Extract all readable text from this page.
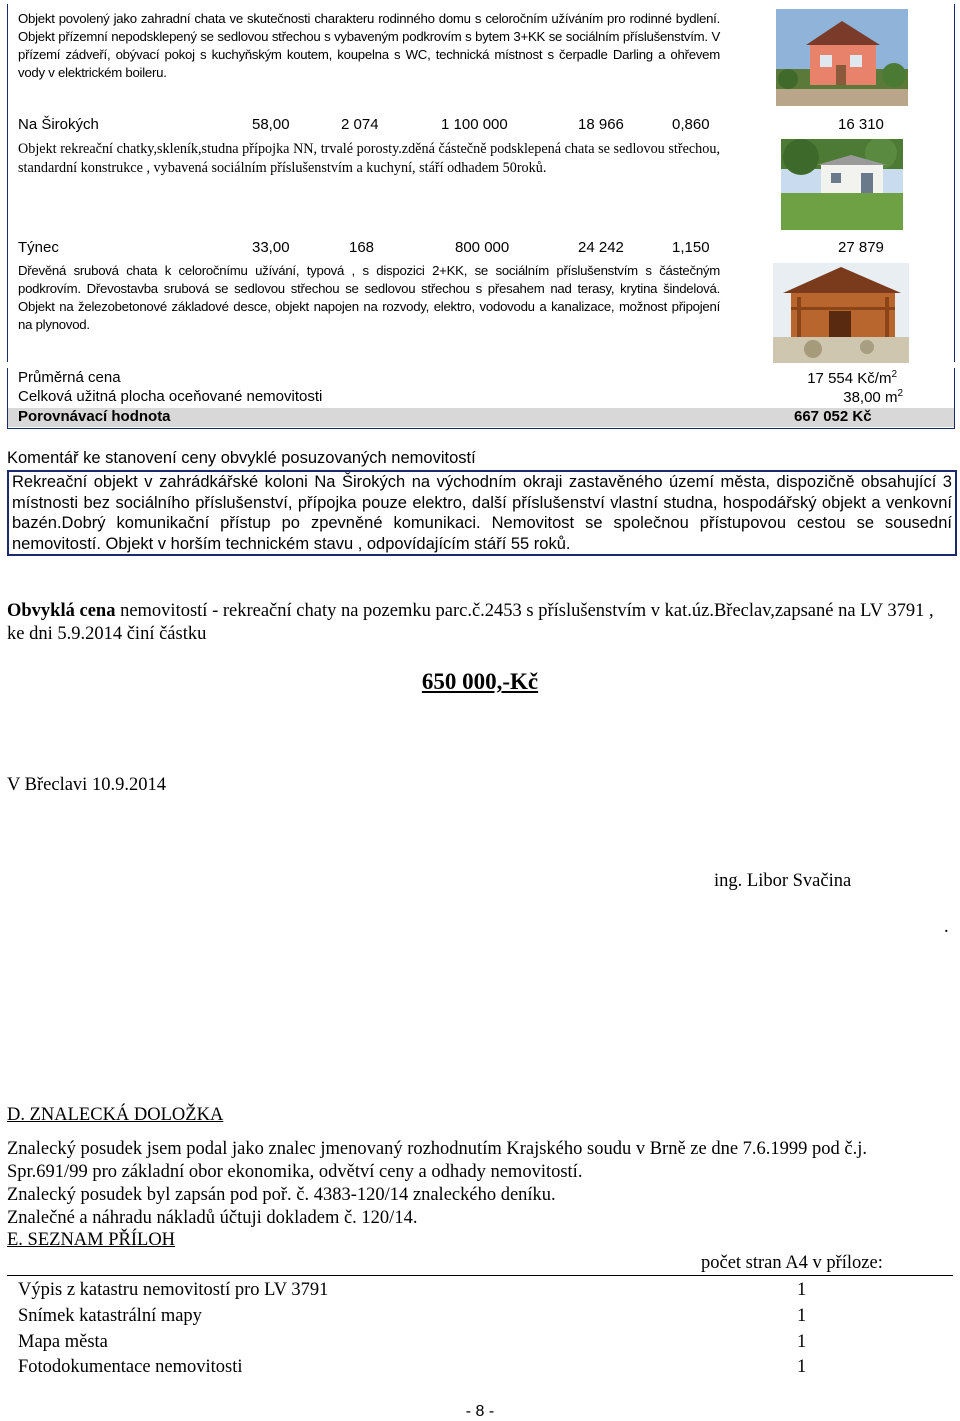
Objekt povolený jako zahradní chata ve skutečnosti charakteru rodinného domu s celoročním užíváním pro rodinné bydlení. Objekt přízemní nepodsklepený se sedlovou střechou s vybaveným podkrovím s bytem 3+KK se sociálním příslušenstvím. V přízemí zádveří, obývací pokoj s kuchyňským koutem, koupelna s WC, technická místnost s čerpadle Darling a ohřevem vody v elektrickém boileru.
Na Širokých	58,00	2 074	1 100 000	18 966	0,860	16 310
Objekt rekreační chatky,skleník,studna přípojka NN, trvalé porosty.zděná částečně podsklepená chata se sedlovou střechou, standardní konstrukce , vybavená sociálním příslušenstvím a kuchyní, stáří odhadem 50roků.
Týnec	33,00	168	800 000	24 242	1,150	27 879
Dřevěná srubová chata k celoročnímu užívání, typová , s dispozici 2+KK, se sociálním příslušenstvím s částečným podkrovím. Dřevostavba srubová se sedlovou střechou se sedlovou střechou s přesahem nad terasy, krytina šindelová. Objekt na železobetonové základové desce, objekt napojen na rozvody, elektro, vodovodu a kanalizace, možnost připojení na plynovod.
Průměrná cena	17 554 $Kč/m^2$
Celková užitná plocha oceňované nemovitosti	38,00 $m^2$
Porovnávací hodnota	667 052 Kč
Komentář ke stanovení ceny obvyklé posuzovaných nemovitostí
Rekreační objekt v zahrádkářské koloni Na Širokých na východním okraji zastavěného území města, dispozičně obsahující 3 místnosti bez sociálního příslušenství, přípojka pouze elektro, další příslušenství vlastní studna, hospodářský objekt a venkovní bazén.Dobrý komunikační přístup po zpevněné komunikaci. Nemovitost se společnou přístupovou cestou se sousední nemovitostí. Objekt v horším technickém stavu , odpovídajícím stáří 55 roků.
Obvyklá cena nemovitostí - rekreační chaty na pozemku parc.č.2453 s příslušenstvím v kat.úz.Břeclav,zapsané na LV 3791 , ke dni 5.9.2014 činí částku
650 000,-Kč
V Břeclavi 10.9.2014
ing. Libor Svačina
.
D. ZNALECKÁ DOLOŽKA
Znalecký posudek jsem podal jako znalec jmenovaný rozhodnutím Krajského soudu v Brně ze dne 7.6.1999 pod č.j.
Spr.691/99 pro základní obor ekonomika, odvětví ceny a odhady nemovitostí.
Znalecký posudek byl zapsán pod poř. č. 4383-120/14 znaleckého deníku.
Znalečné a náhradu nákladů účtuji dokladem č. 120/14.
E. SEZNAM PŘÍLOH
počet stran A4 v příloze:
Výpis z katastru nemovitostí pro LV 3791	1
Snímek katastrální mapy	1
Mapa města	1
Fotodokumentace nemovitosti	1
- 8 -
